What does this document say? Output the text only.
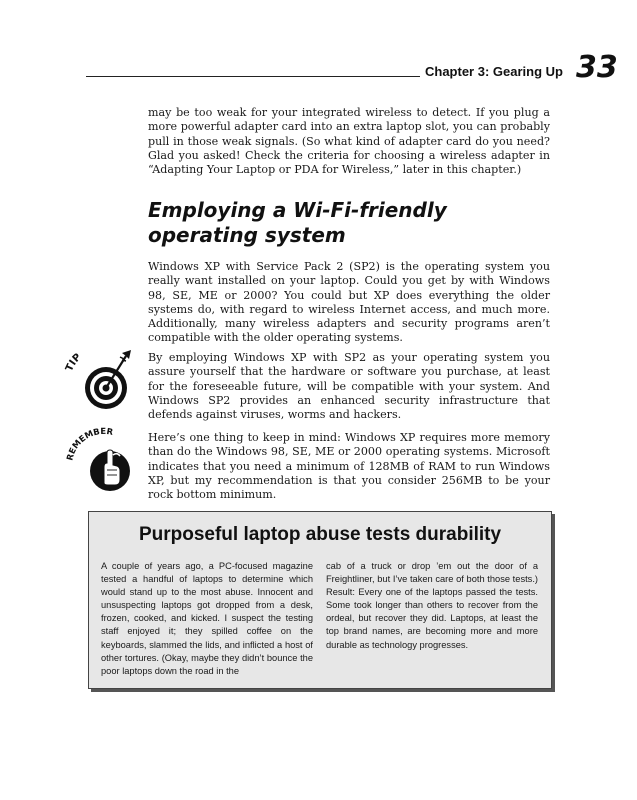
Chapter 3: Gearing Up 33

may be too weak for your integrated wireless to detect. If you plug a more powerful adapter card into an extra laptop slot, you can probably pull in those weak signals. (So what kind of adapter card do you need? Glad you asked! Check the criteria for choosing a wireless adapter in “Adapting Your Laptop or PDA for Wireless,” later in this chapter.)

Employing a Wi-Fi-friendly operating system

Windows XP with Service Pack 2 (SP2) is the operating system you really want installed on your laptop. Could you get by with Windows 98, SE, ME or 2000? You could but XP does everything the older systems do, with regard to wireless Internet access, and much more. Additionally, many wireless adapters and security programs aren’t compatible with the older operating systems.

TIP	By employing Windows XP with SP2 as your operating system you assure yourself that the hardware or software you purchase, at least for the foreseeable future, will be compatible with your system. And Windows SP2 provides an enhanced security infrastructure that defends against viruses, worms and hackers.

REMEMBER	Here’s one thing to keep in mind: Windows XP requires more memory than do the Windows 98, SE, ME or 2000 operating systems. Microsoft indicates that you need a minimum of 128MB of RAM to run Windows XP, but my recommendation is that you consider 256MB to be your rock bottom minimum.

Purposeful laptop abuse tests durability

A couple of years ago, a PC-focused magazine tested a handful of laptops to determine which would stand up to the most abuse. Innocent and unsuspecting laptops got dropped from a desk, frozen, cooked, and kicked. I suspect the testing staff enjoyed it; they spilled coffee on the keyboards, slammed the lids, and inflicted a host of other tortures. (Okay, maybe they didn’t bounce the poor laptops down the road in the

cab of a truck or drop ’em out the door of a Freightliner, but I’ve taken care of both those tests.) Result: Every one of the laptops passed the tests. Some took longer than others to recover from the ordeal, but recover they did. Laptops, at least the top brand names, are becoming more and more durable as technology progresses.
